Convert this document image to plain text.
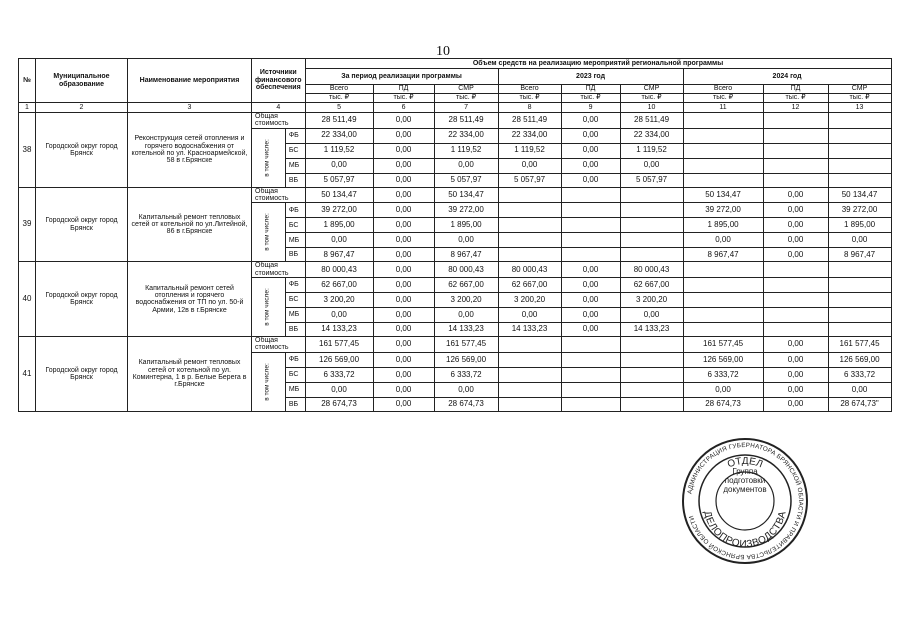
10
№	Муниципальное образование	Наименование мероприятия	Источники финансового обеспечения		Объем средств на реализацию мероприятий региональной программы								
					За период реализации программы			2023 год			2024 год		
					Всего	ПД	СМР	Всего	ПД	СМР	Всего	ПД	СМР
					тыс. ₽	тыс. ₽	тыс. ₽	тыс. ₽	тыс. ₽	тыс. ₽	тыс. ₽	тыс. ₽	тыс. ₽
1	2	3	4		5	6	7	8	9	10	11	12	13
38	Городской округ город Брянск	Реконструкция сетей отопления и горячего водоснабжения от котельной по ул. Красноармейской, 58 в г.Брянске	Общая стоимость		28 511,49	0,00	28 511,49	28 511,49	0,00	28 511,49			

			в том числе:	ФБ	22 334,00	0,00	22 334,00	22 334,00	0,00	22 334,00			
				БС	1 119,52	0,00	1 119,52	1 119,52	0,00	1 119,52			
				МБ	0,00	0,00	0,00	0,00	0,00	0,00			
				ВБ	5 057,97	0,00	5 057,97	5 057,97	0,00	5 057,97			
39	Городской округ город Брянск	Капитальный ремонт тепловых сетей от котельной по ул.Литейной, 86 в г.Брянске	Общая стоимость		50 134,47	0,00	50 134,47				50 134,47	0,00	50 134,47

			в том числе:	ФБ	39 272,00	0,00	39 272,00				39 272,00	0,00	39 272,00
				БС	1 895,00	0,00	1 895,00				1 895,00	0,00	1 895,00
				МБ	0,00	0,00	0,00				0,00	0,00	0,00
				ВБ	8 967,47	0,00	8 967,47				8 967,47	0,00	8 967,47
40	Городской округ город Брянск	Капитальный ремонт сетей отопления и горячего водоснабжения от ТП по ул. 50-й Армии, 12в в г.Брянске	Общая стоимость		80 000,43	0,00	80 000,43	80 000,43	0,00	80 000,43			

			в том числе:	ФБ	62 667,00	0,00	62 667,00	62 667,00	0,00	62 667,00			
				БС	3 200,20	0,00	3 200,20	3 200,20	0,00	3 200,20			
				МБ	0,00	0,00	0,00	0,00	0,00	0,00			
				ВБ	14 133,23	0,00	14 133,23	14 133,23	0,00	14 133,23			
41	Городской округ город Брянск	Капитальный ремонт тепловых сетей от котельной по ул. Коминтерна, 1 в р. Белые Берега в г.Брянске	Общая стоимость		161 577,45	0,00	161 577,45				161 577,45	0,00	161 577,45

			в том числе:	ФБ	126 569,00	0,00	126 569,00				126 569,00	0,00	126 569,00
				БС	6 333,72	0,00	6 333,72				6 333,72	0,00	6 333,72
				МБ	0,00	0,00	0,00				0,00	0,00	0,00
				ВБ	28 674,73	0,00	28 674,73				28 674,73	0,00	28 674,73"
АДМИНИСТРАЦИЯ ГУБЕРНАТОРА БРЯНСКОЙ ОБЛАСТИ И ПРАВИТЕЛЬСТВА БРЯНСКОЙ ОБЛАСТИ
ОТДЕЛ
ДЕЛОПРОИЗВОДСТВА
Группа подготовки документов
